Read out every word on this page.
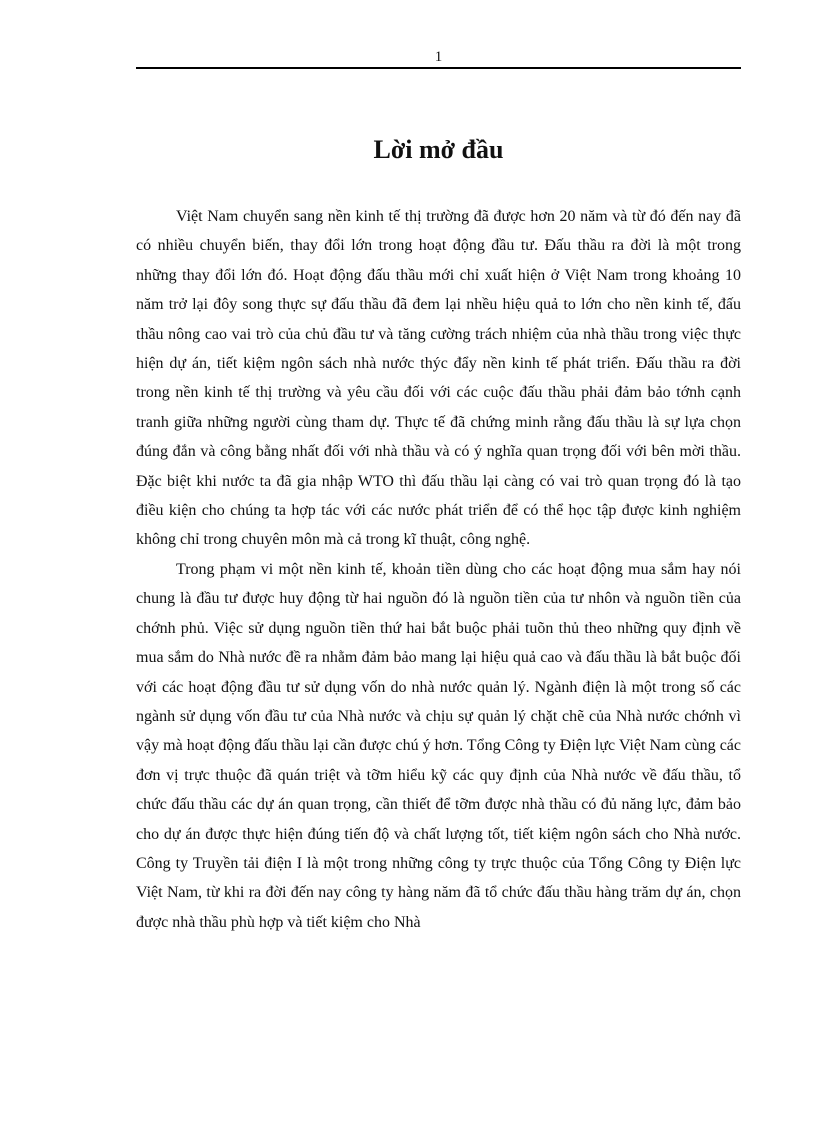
1
Lời mở đầu

Việt Nam chuyển sang nền kinh tế thị trường đã được hơn 20 năm và từ đó đến nay đã có nhiều chuyển biến, thay đổi lớn trong hoạt động đầu tư. Đấu thầu ra đời là một trong những thay đổi lớn đó. Hoạt động đấu thầu mới chỉ xuất hiện ở Việt Nam trong khoảng 10 năm trở lại đôy song thực sự đấu thầu đã đem lại nhều hiệu quả to lớn cho nền kinh tế, đấu thầu nông cao vai trò của chủ đầu tư và tăng cường trách nhiệm của nhà thầu trong việc thực hiện dự án, tiết kiệm ngôn sách nhà nước thýc đẩy nền kinh tế phát triển. Đấu thầu ra đời trong nền kinh tế thị trường và yêu cầu đối với các cuộc đấu thầu phải đảm bảo tớnh cạnh tranh giữa những người cùng tham dự. Thực tế đã chứng minh rằng đấu thầu là sự lựa chọn đúng đắn và công bằng nhất đối với nhà thầu và có ý nghĩa quan trọng đối với bên mời thầu. Đặc biệt khi nước ta đã gia nhập WTO thì đấu thầu lại càng có vai trò quan trọng đó là tạo điều kiện cho chúng ta hợp tác với các nước phát triển để có thể học tập được kinh nghiệm không chỉ trong chuyên môn mà cả trong kĩ thuật, công nghệ.

Trong phạm vi một nền kinh tế, khoản tiền dùng cho các hoạt động mua sắm hay nói chung là đầu tư được huy động từ hai nguồn đó là nguồn tiền của tư nhôn và nguồn tiền của chớnh phủ. Việc sử dụng nguồn tiền thứ hai bắt buộc phải tuõn thủ theo những quy định về mua sắm do Nhà nước đề ra nhằm đảm bảo mang lại hiệu quả cao và đấu thầu là bắt buộc đối với các hoạt động đầu tư sử dụng vốn do nhà nước quản lý. Ngành điện là một trong số các ngành sử dụng vốn đầu tư của Nhà nước và chịu sự quản lý chặt chẽ của Nhà nước chớnh vì vậy mà hoạt động đấu thầu lại cần được chú ý hơn. Tổng Công ty Điện lực Việt Nam cùng các đơn vị trực thuộc đã quán triệt và tỡm hiểu kỹ các quy định của Nhà nước về đấu thầu, tổ chức đấu thầu các dự án quan trọng, cần thiết để tỡm được nhà thầu có đủ năng lực, đảm bảo cho dự án được thực hiện đúng tiến độ và chất lượng tốt, tiết kiệm ngôn sách cho Nhà nước. Công ty Truyền tải điện I là một trong những công ty trực thuộc của Tổng Công ty Điện lực Việt Nam, từ khi ra đời đến nay công ty hàng năm đã tổ chức đấu thầu hàng trăm dự án, chọn được nhà thầu phù hợp và tiết kiệm cho Nhà
